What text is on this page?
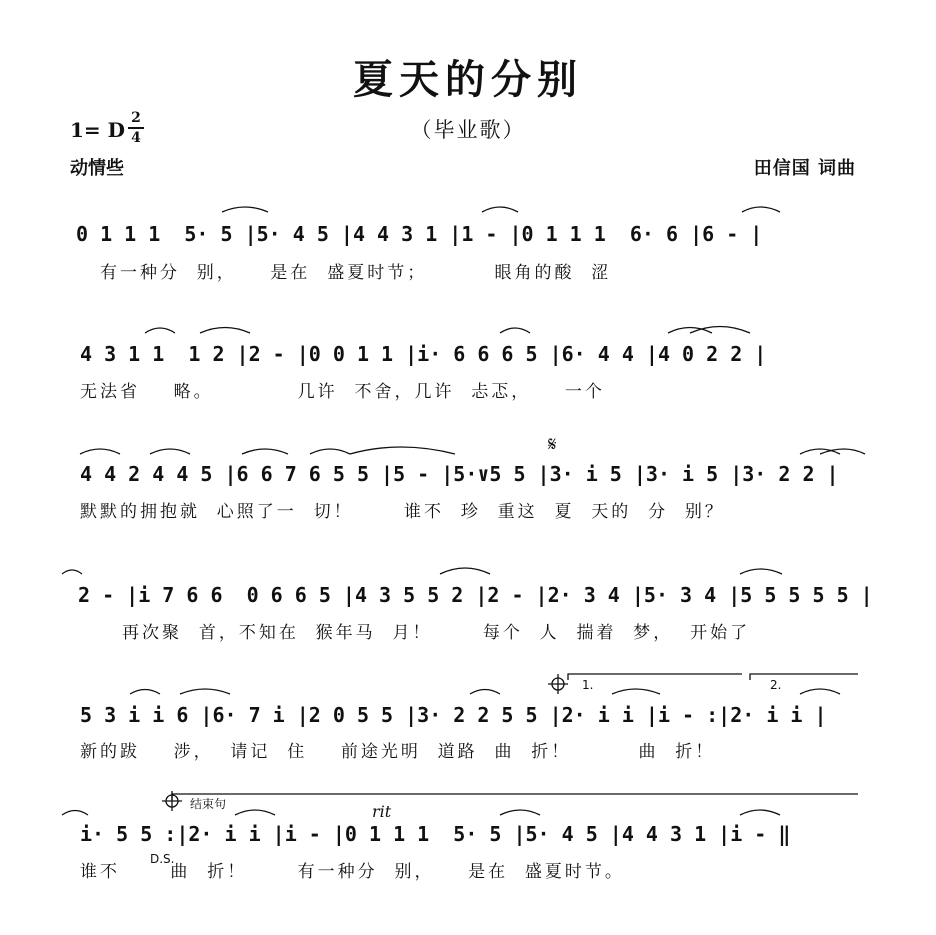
夏天的分别
（毕业歌）
1= D 2
4
动情些	田信国 词曲
0 1 1 1  5· 5 |5· 4 5 |4 4 3 1 |1 - |0 1 1 1  6· 6 |6 - |
有一种分  别，    是在  盛夏时节；        眼角的酸  涩
4 3 1 1  1 2 |2 - |0 0 1 1 |i· 6 6 6 5 |6· 4 4 |4 0 2 2 |
无法省    略。          几许  不舍，几许  忐忑，    一个
4 4 2 4 4 5 |6 6 7 6 5 5 |5 - |5·∨5 5 |3· i 5 |3· i 5 |3· 2 2 |
默默的拥抱就  心照了一  切！      谁不  珍  重这  夏  天的  分  别？
2 - |i 7 6 6  0 6 6 5 |4 3 5 5 2 |2 - |2· 3 4 |5· 3 4 |5 5 5 5 5 |
再次聚  首，不知在  猴年马  月！      每个  人  揣着  梦，  开始了
5 3 i i 6 |6· 7 i |2 0 5 5 |3· 2 2 5 5 |2· i i |i - :|2· i i |
新的跋    涉，  请记  住    前途光明  道路  曲  折！        曲  折！
i· 5 5 :|2· i i |i - |0 1 1 1  5· 5 |5· 4 5 |4 4 3 1 |i - ‖
谁不      曲  折！      有一种分  别，    是在  盛夏时节。
𝄋
1.	2.
结束句	rit
D.S.
